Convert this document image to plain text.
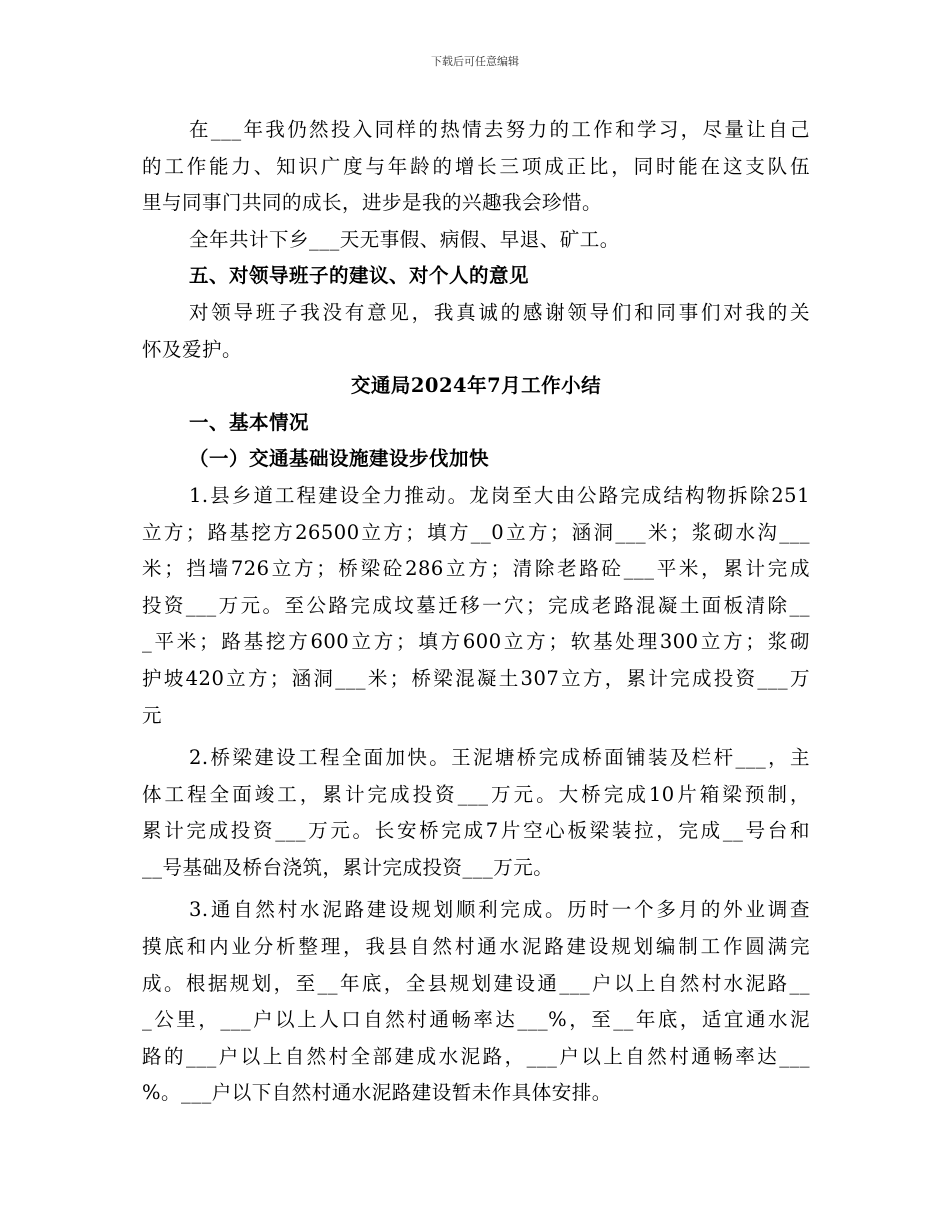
下载后可任意编辑
在___年我仍然投入同样的热情去努力的工作和学习，尽量让自己
的工作能力、知识广度与年龄的增长三项成正比，同时能在这支队伍
里与同事门共同的成长，进步是我的兴趣我会珍惜。
全年共计下乡___天无事假、病假、早退、矿工。
五、对领导班子的建议、对个人的意见
对领导班子我没有意见，我真诚的感谢领导们和同事们对我的关
怀及爱护。
交通局2024年7月工作小结
一、基本情况
（一）交通基础设施建设步伐加快
1.县乡道工程建设全力推动。龙岗至大由公路完成结构物拆除251
立方；路基挖方26500立方；填方__0立方；涵洞___米；浆砌水沟___
米；挡墙726立方；桥梁砼286立方；清除老路砼___平米，累计完成
投资___万元。至公路完成坟墓迁移一穴；完成老路混凝土面板清除__
_平米；路基挖方600立方；填方600立方；软基处理300立方；浆砌
护坡420立方；涵洞___米；桥梁混凝土307立方，累计完成投资___万
元
2.桥梁建设工程全面加快。王泥塘桥完成桥面铺装及栏杆___，主
体工程全面竣工，累计完成投资___万元。大桥完成10片箱梁预制，
累计完成投资___万元。长安桥完成7片空心板梁装拉，完成__号台和
__号基础及桥台浇筑，累计完成投资___万元。
3.通自然村水泥路建设规划顺利完成。历时一个多月的外业调查
摸底和内业分析整理，我县自然村通水泥路建设规划编制工作圆满完
成。根据规划，至__年底，全县规划建设通___户以上自然村水泥路__
_公里，___户以上人口自然村通畅率达___%，至__年底，适宜通水泥
路的___户以上自然村全部建成水泥路，___户以上自然村通畅率达___
%。___户以下自然村通水泥路建设暂未作具体安排。
